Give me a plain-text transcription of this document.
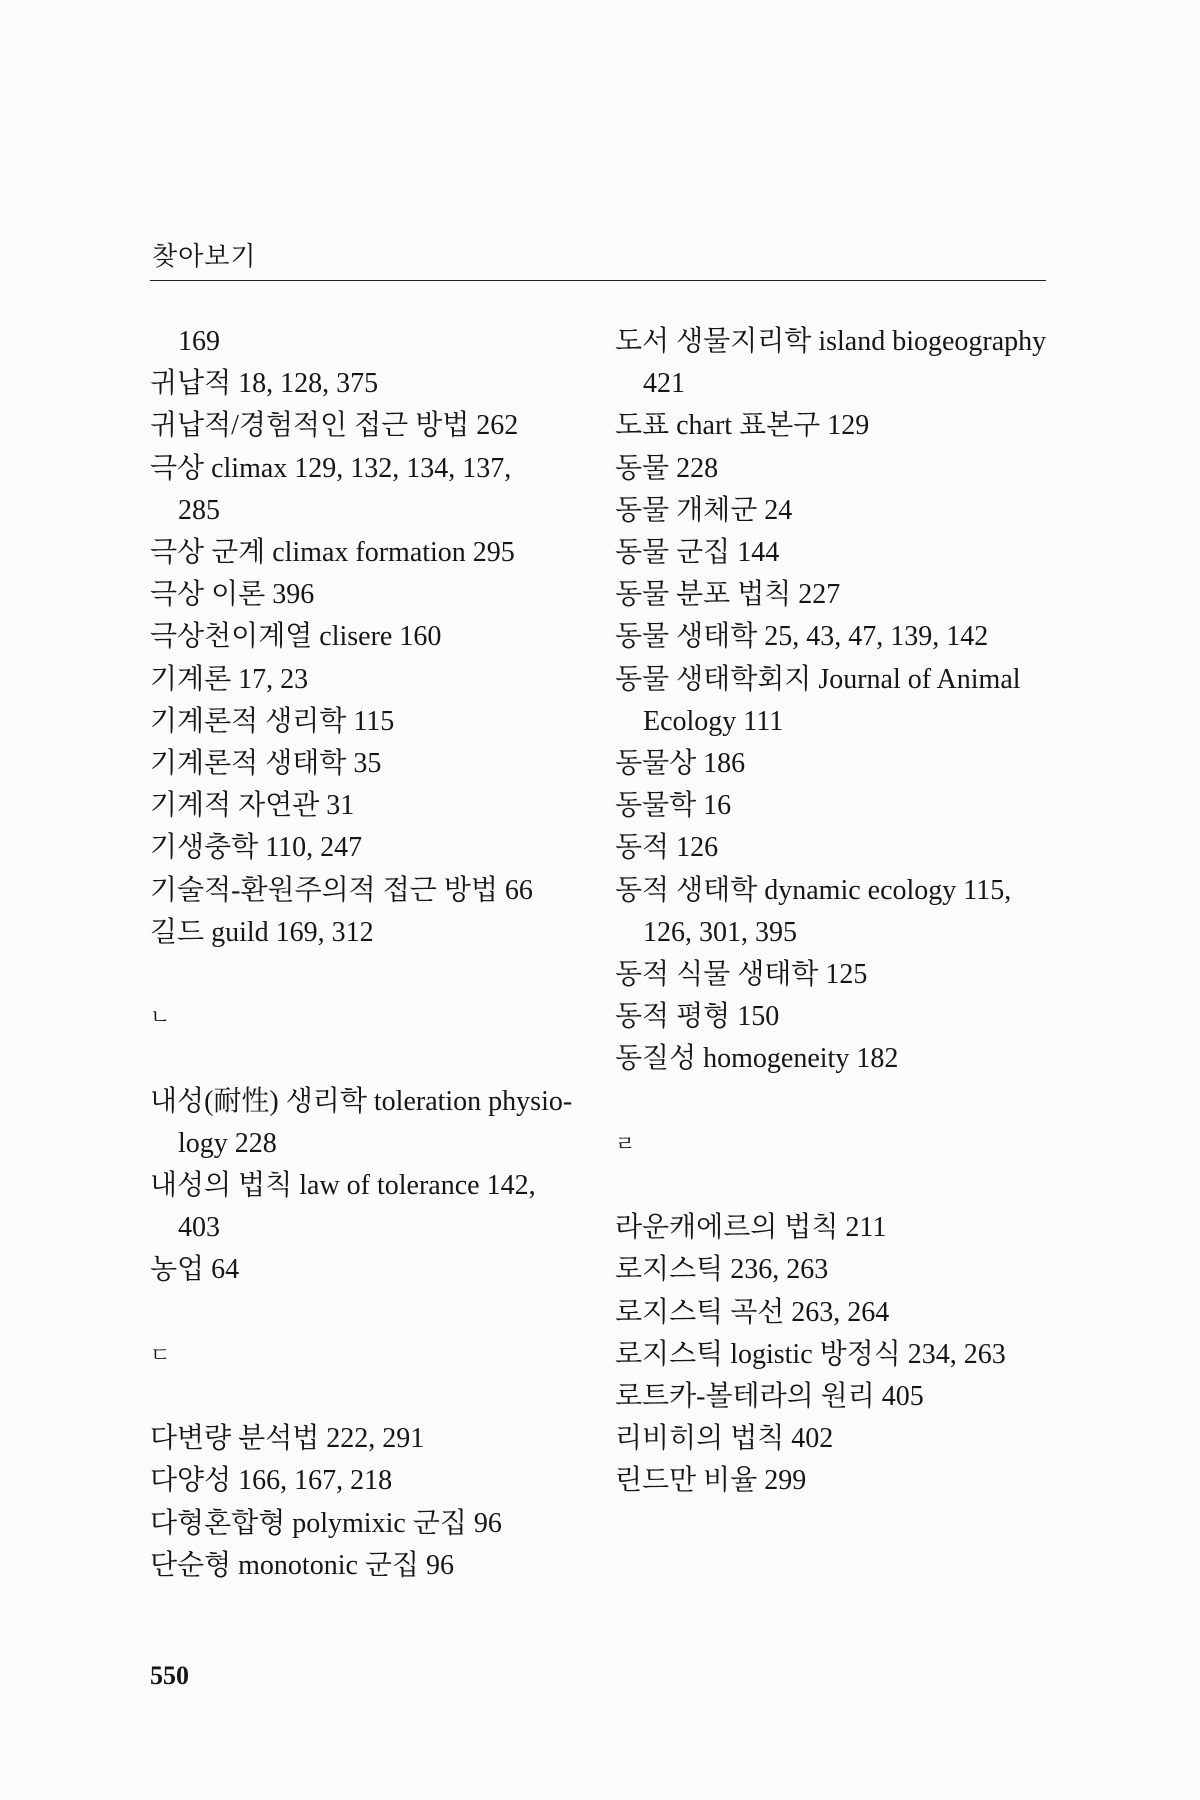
찾아보기
169
귀납적 18, 128, 375
귀납적/경험적인 접근 방법 262
극상 climax 129, 132, 134, 137,
285
극상 군계 climax formation 295
극상 이론 396
극상천이계열 clisere 160
기계론 17, 23
기계론적 생리학 115
기계론적 생태학 35
기계적 자연관 31
기생충학 110, 247
기술적-환원주의적 접근 방법 66
길드 guild 169, 312
ㄴ
내성(耐性) 생리학 toleration physio-
logy 228
내성의 법칙 law of tolerance 142,
403
농업 64
ㄷ
다변량 분석법 222, 291
다양성 166, 167, 218
다형혼합형 polymixic 군집 96
단순형 monotonic 군집 96
도서 생물지리학 island biogeography
421
도표 chart 표본구 129
동물 228
동물 개체군 24
동물 군집 144
동물 분포 법칙 227
동물 생태학 25, 43, 47, 139, 142
동물 생태학회지 Journal of Animal
Ecology 111
동물상 186
동물학 16
동적 126
동적 생태학 dynamic ecology 115,
126, 301, 395
동적 식물 생태학 125
동적 평형 150
동질성 homogeneity 182
ㄹ
라운캐에르의 법칙 211
로지스틱 236, 263
로지스틱 곡선 263, 264
로지스틱 logistic 방정식 234, 263
로트카-볼테라의 원리 405
리비히의 법칙 402
린드만 비율 299
550
